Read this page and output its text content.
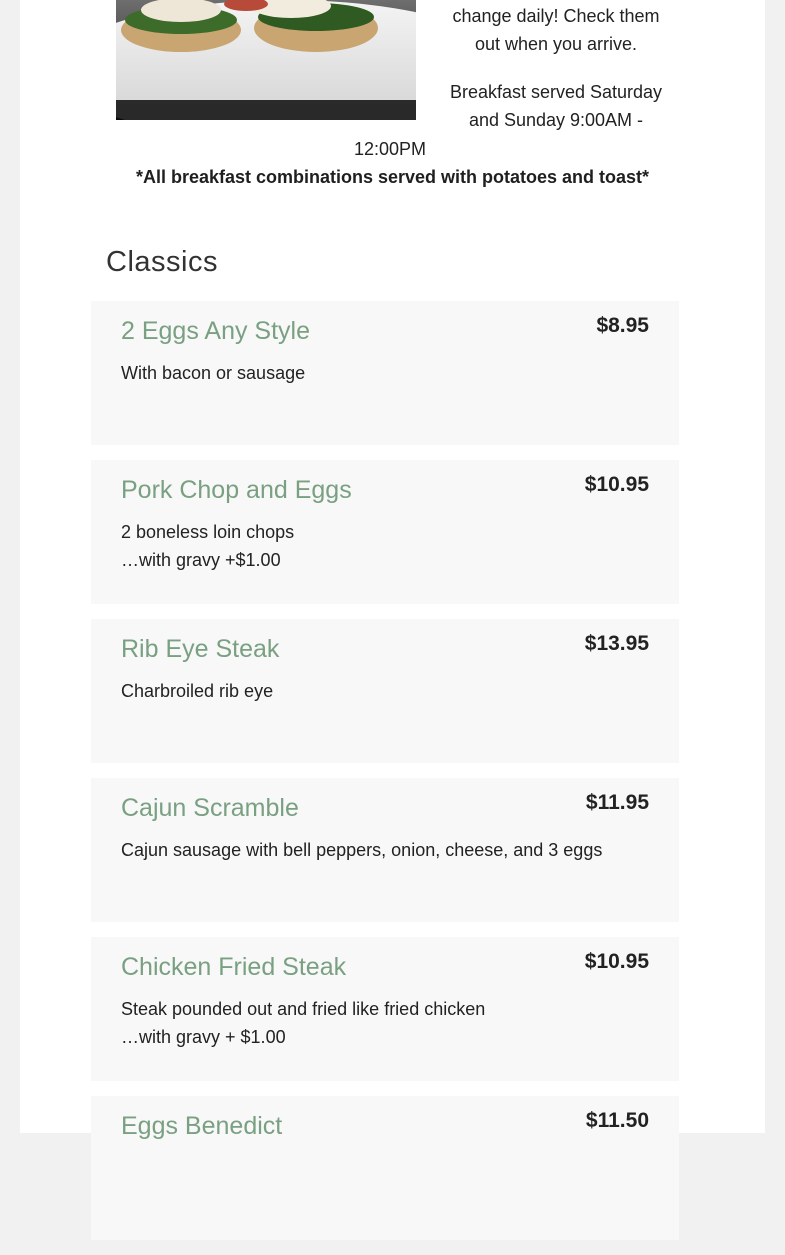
change daily! Check them
out when you arrive.

Breakfast served Saturday
and Sunday 9:00AM -

12:00PM
*All breakfast combinations served with potatoes and toast*
Classics
2 Eggs Any Style	$8.95
With bacon or sausage
Pork Chop and Eggs	$10.95
2 boneless loin chops
…with gravy +$1.00
Rib Eye Steak	$13.95
Charbroiled rib eye
Cajun Scramble	$11.95
Cajun sausage with bell peppers, onion, cheese, and 3 eggs
Chicken Fried Steak	$10.95
Steak pounded out and fried like fried chicken
…with gravy + $1.00
Eggs Benedict	$11.50
